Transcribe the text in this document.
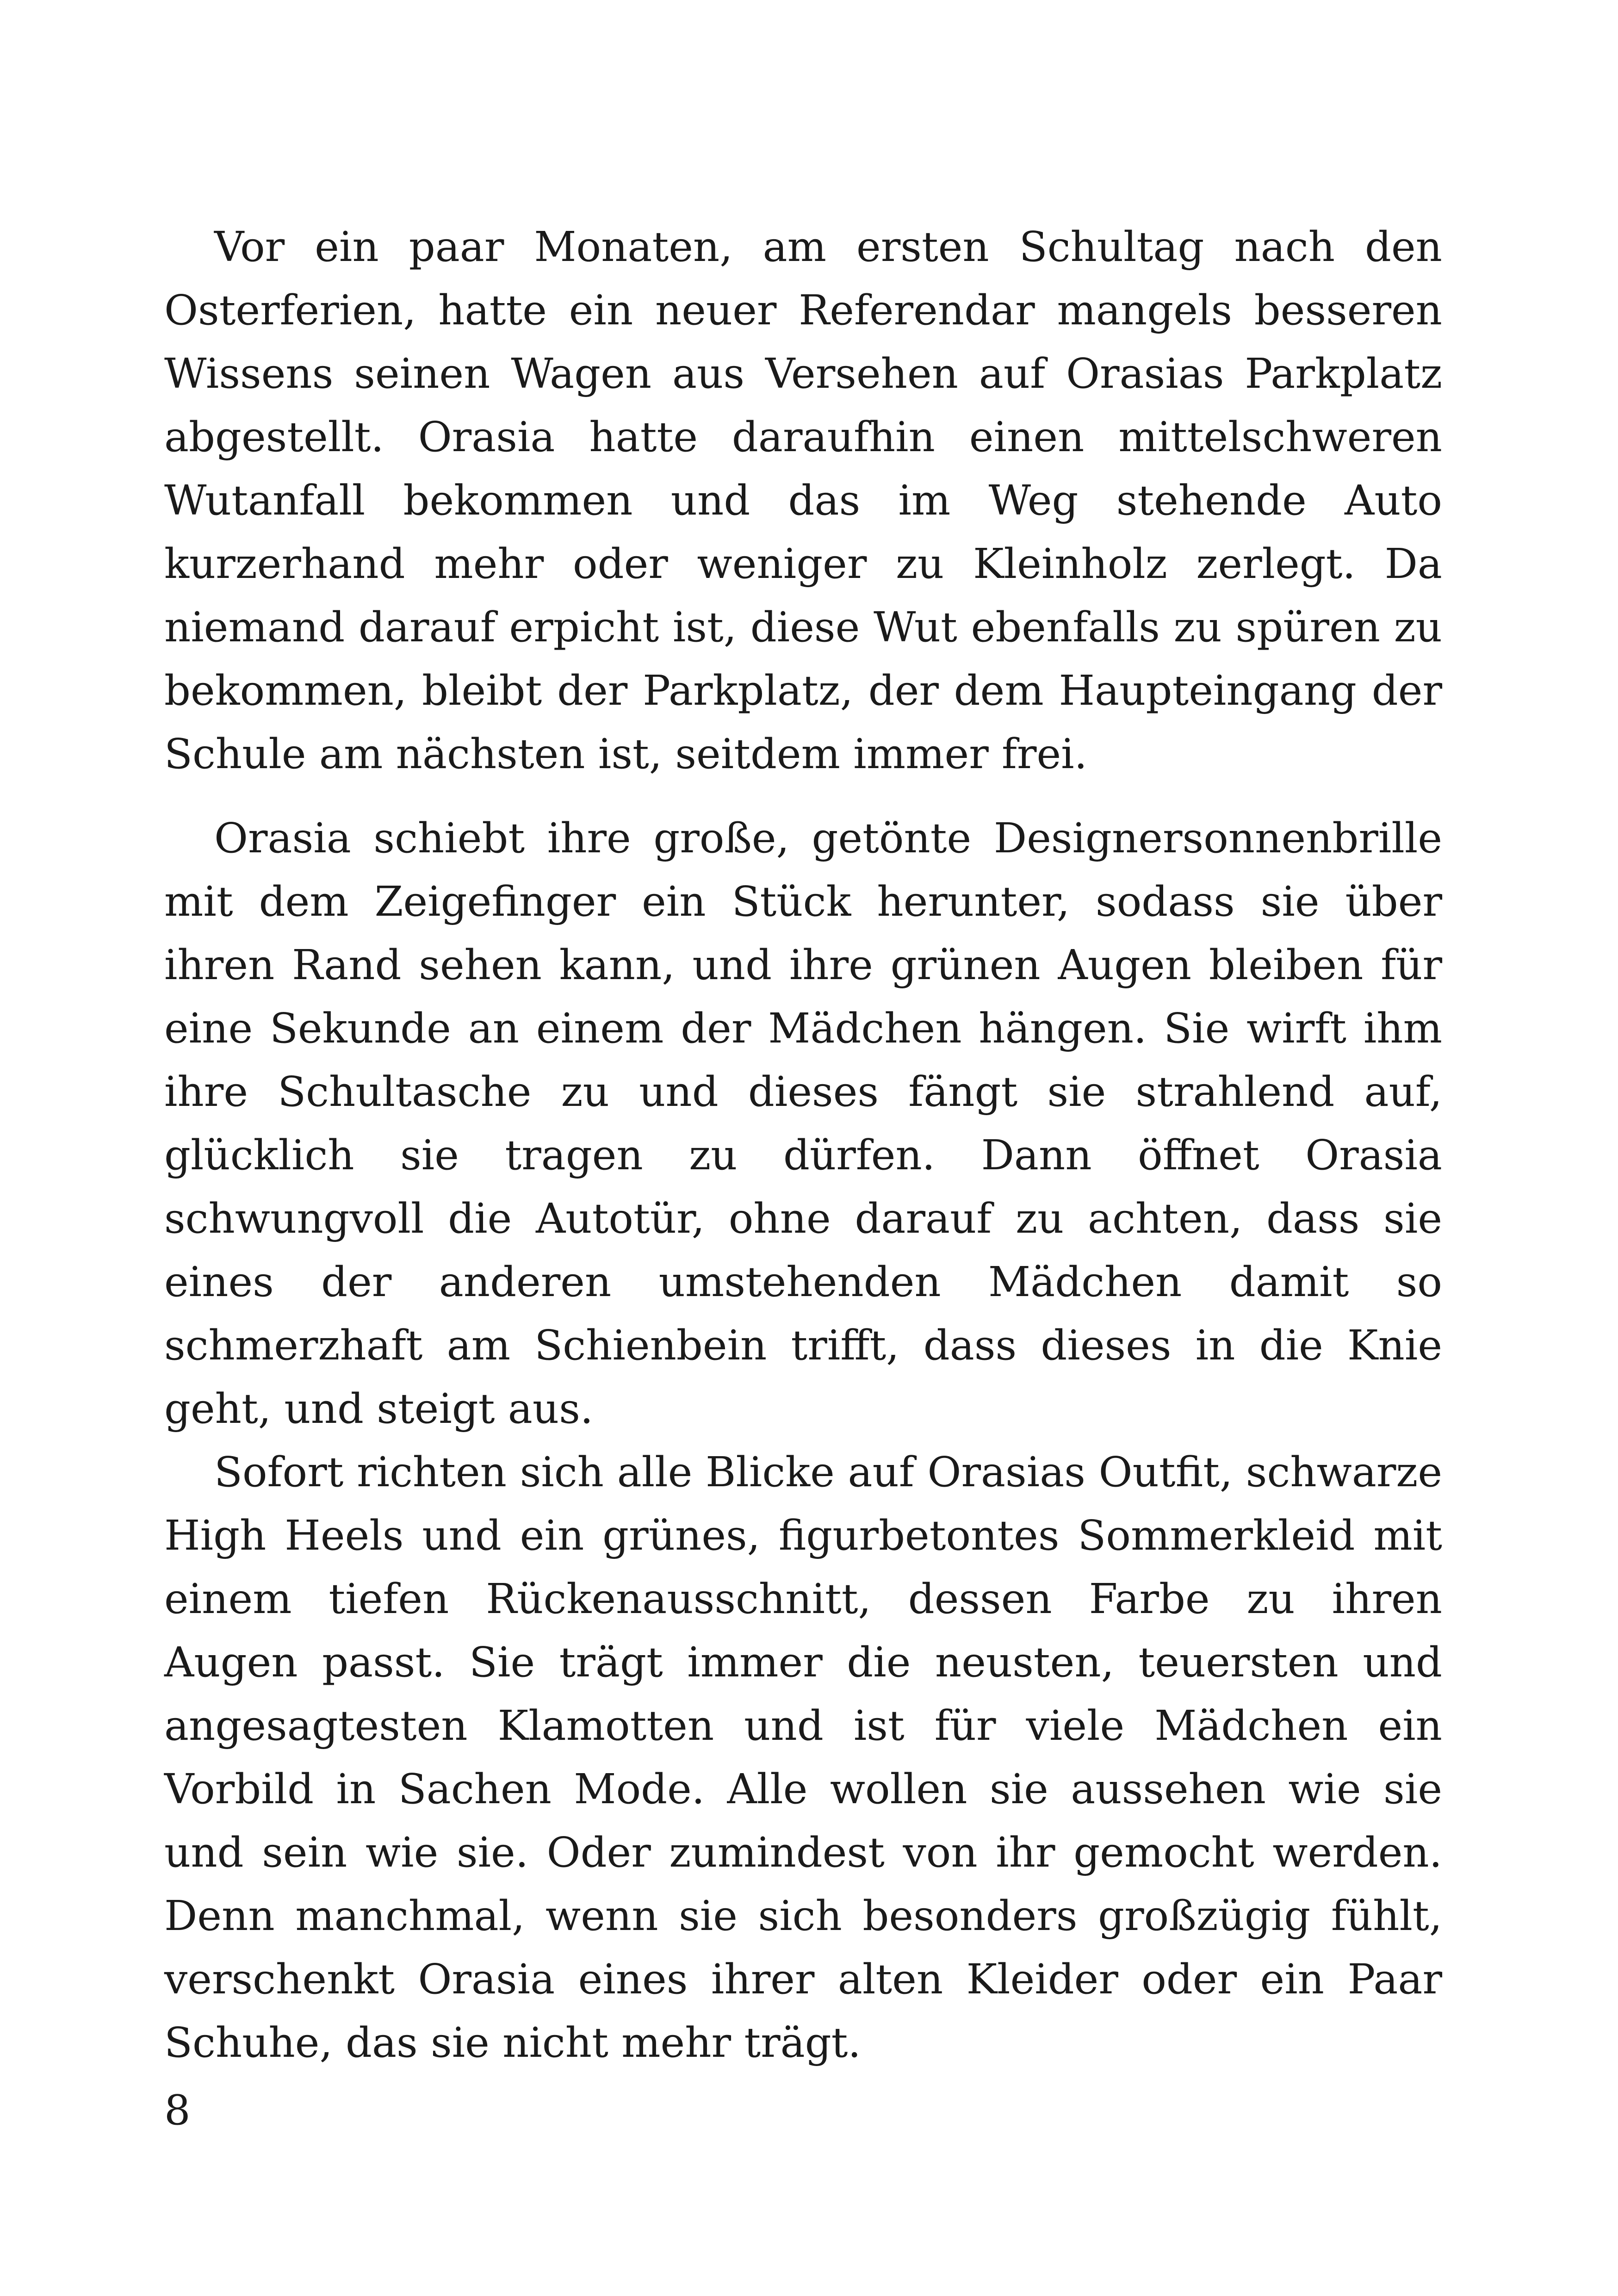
Vor ein paar Monaten, am ersten Schultag nach den Osterferien, hatte ein neuer Referendar mangels besseren Wissens seinen Wagen aus Versehen auf Orasias Parkplatz abgestellt. Orasia hatte daraufhin einen mittelschweren Wutanfall bekommen und das im Weg stehende Auto kurzerhand mehr oder weniger zu Kleinholz zerlegt. Da niemand darauf erpicht ist, diese Wut ebenfalls zu spüren zu bekommen, bleibt der Parkplatz, der dem Haupteingang der Schule am nächsten ist, seitdem immer frei.

Orasia schiebt ihre große, getönte Designersonnenbrille mit dem Zeigefinger ein Stück herunter, sodass sie über ihren Rand sehen kann, und ihre grünen Augen bleiben für eine Sekunde an einem der Mädchen hängen. Sie wirft ihm ihre Schultasche zu und dieses fängt sie strahlend auf, glücklich sie tragen zu dürfen. Dann öffnet Orasia schwungvoll die Autotür, ohne darauf zu achten, dass sie eines der anderen umstehenden Mädchen damit so schmerzhaft am Schienbein trifft, dass dieses in die Knie geht, und steigt aus.

Sofort richten sich alle Blicke auf Orasias Outfit, schwarze High Heels und ein grünes, figurbetontes Sommerkleid mit einem tiefen Rückenausschnitt, dessen Farbe zu ihren Augen passt. Sie trägt immer die neusten, teuersten und angesagtesten Klamotten und ist für viele Mädchen ein Vorbild in Sachen Mode. Alle wollen sie aussehen wie sie und sein wie sie. Oder zumindest von ihr gemocht werden. Denn manchmal, wenn sie sich besonders großzügig fühlt, verschenkt Orasia eines ihrer alten Kleider oder ein Paar Schuhe, das sie nicht mehr trägt.

8
